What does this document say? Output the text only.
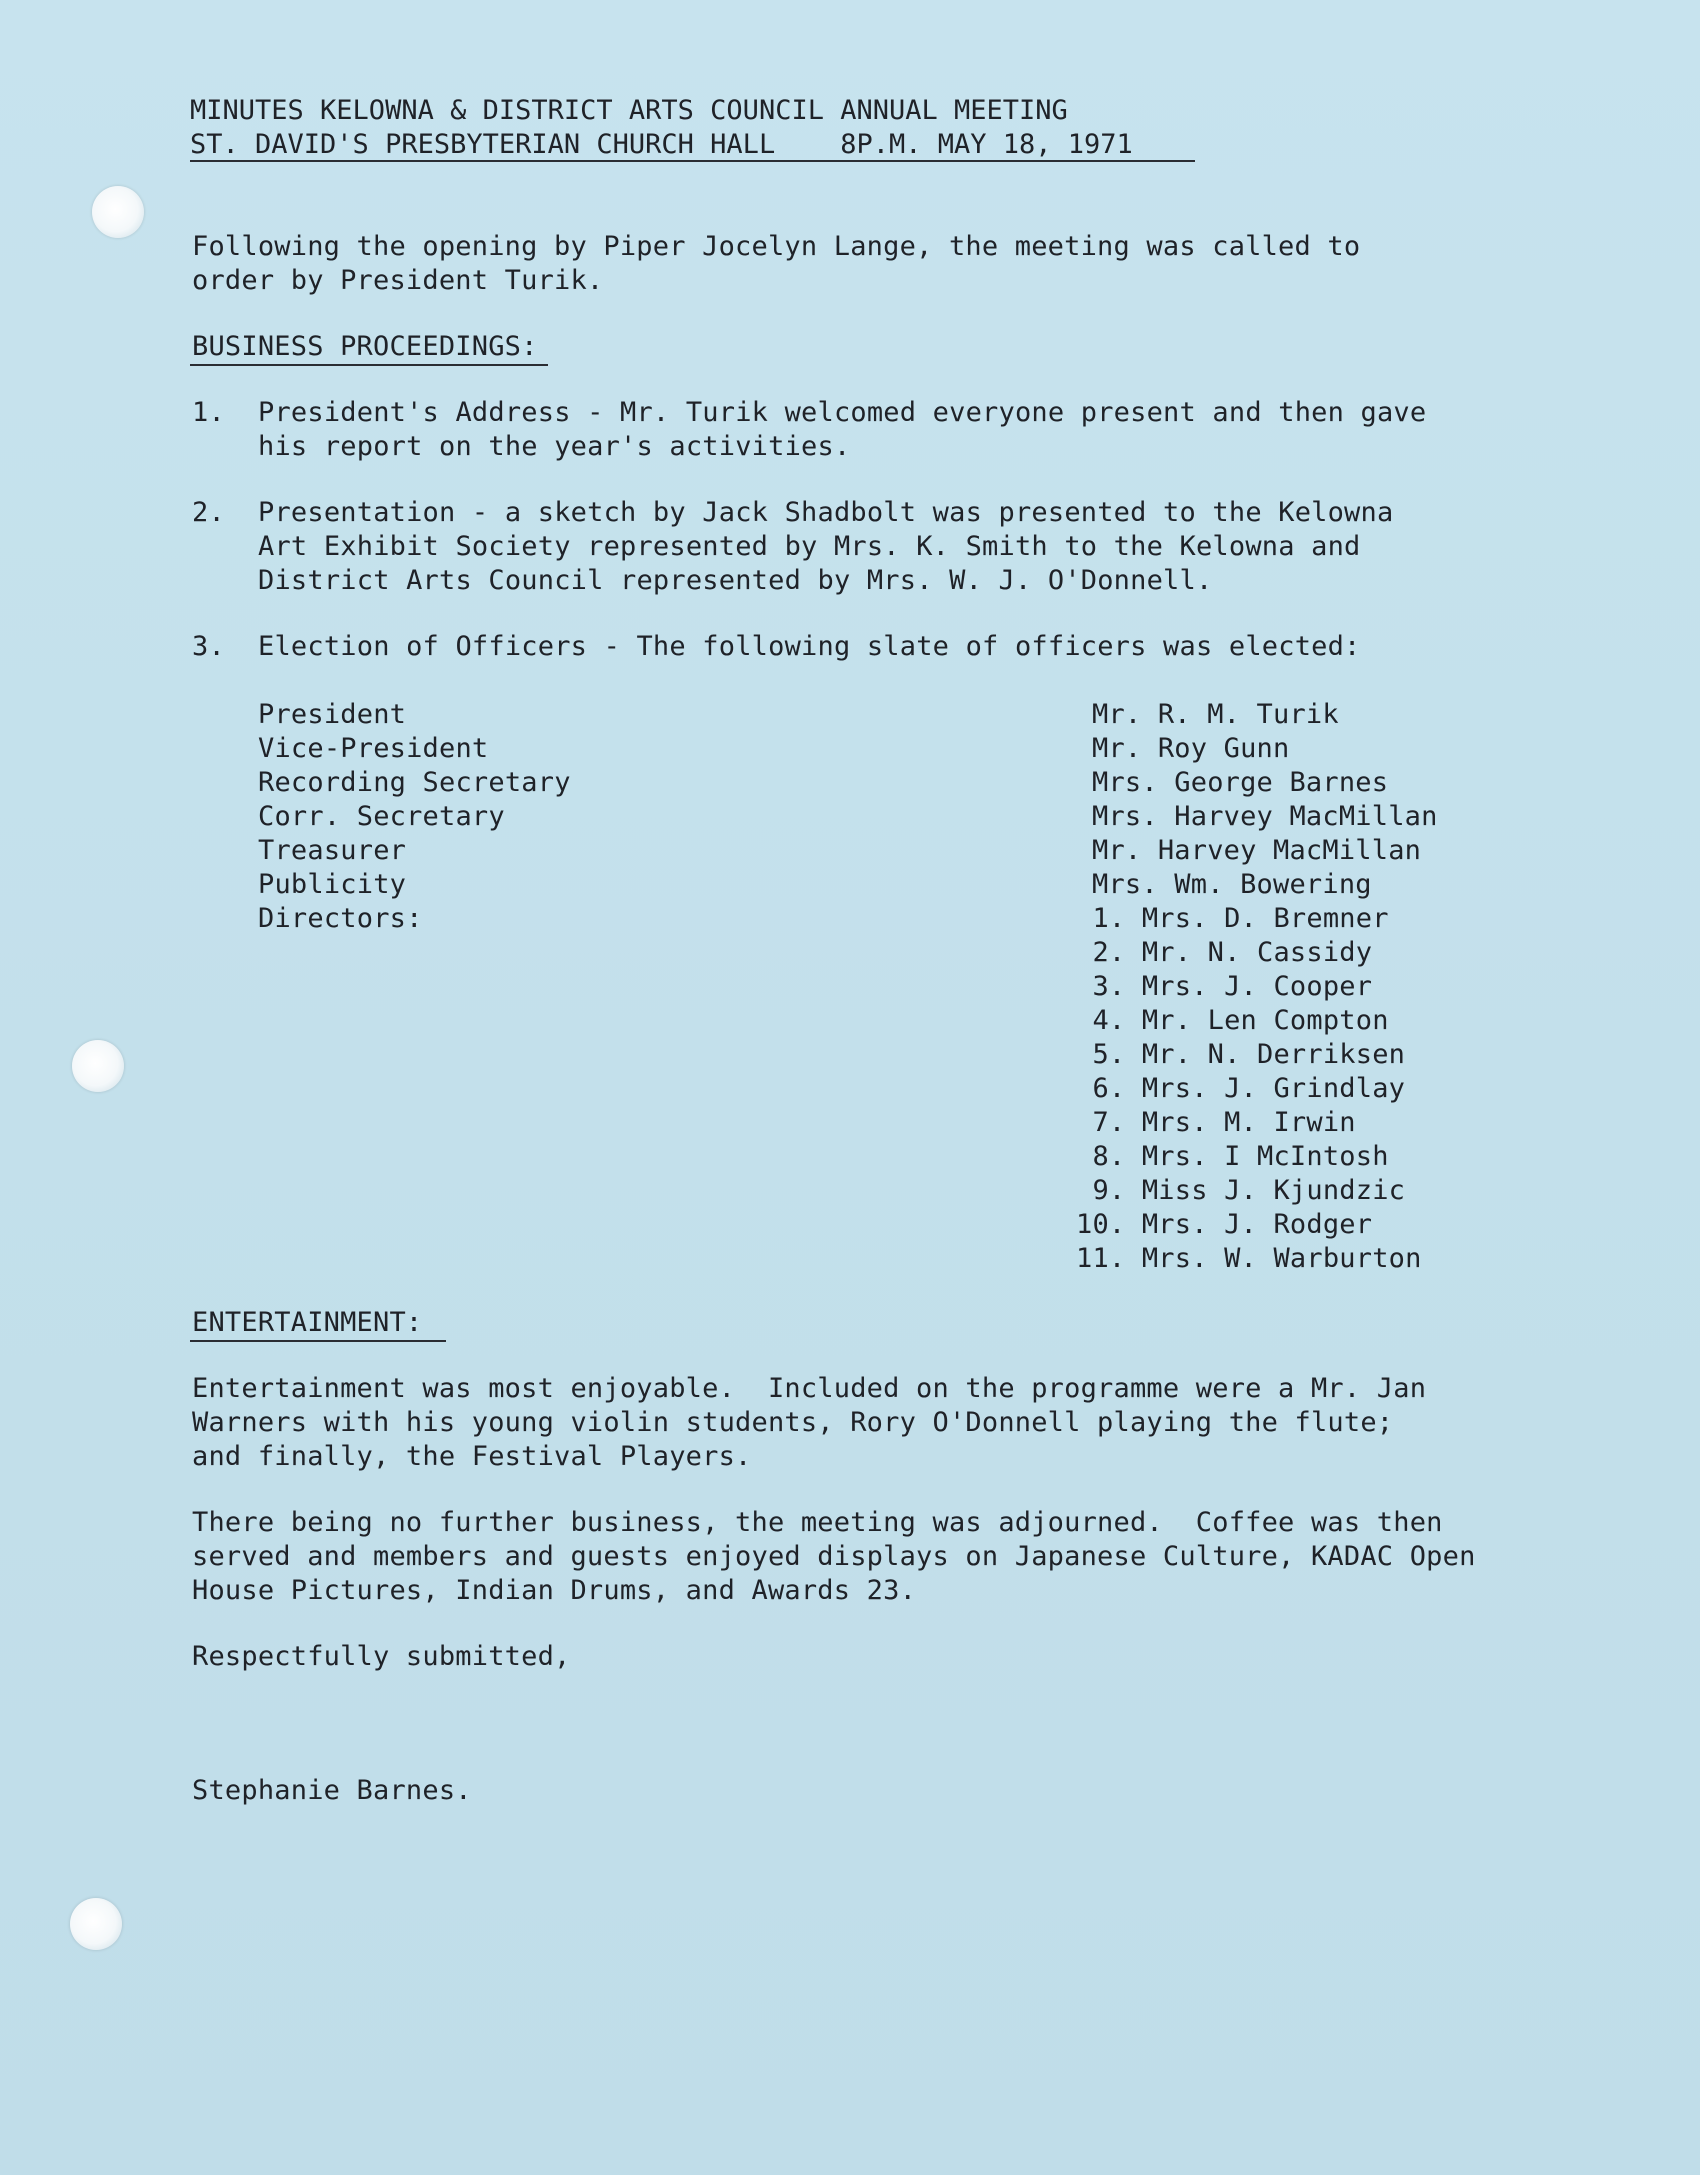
MINUTES KELOWNA & DISTRICT ARTS COUNCIL ANNUAL MEETING
ST. DAVID'S PRESBYTERIAN CHURCH HALL    8P.M. MAY 18, 1971
Following the opening by Piper Jocelyn Lange, the meeting was called to
order by President Turik.
BUSINESS PROCEEDINGS:
1. President's Address - Mr. Turik welcomed everyone present and then gave
his report on the year's activities.
2. Presentation - a sketch by Jack Shadbolt was presented to the Kelowna
Art Exhibit Society represented by Mrs. K. Smith to the Kelowna and
District Arts Council represented by Mrs. W. J. O'Donnell.
3. Election of Officers - The following slate of officers was elected:
President
Vice-President
Recording Secretary
Corr. Secretary
Treasurer
Publicity
Directors:
Mr. R. M. Turik
Mr. Roy Gunn
Mrs. George Barnes
Mrs. Harvey MacMillan
Mr. Harvey MacMillan
Mrs. Wm. Bowering
1. Mrs. D. Bremner
2. Mr. N. Cassidy
3. Mrs. J. Cooper
4. Mr. Len Compton
5. Mr. N. Derriksen
6. Mrs. J. Grindlay
7. Mrs. M. Irwin
8. Mrs. I McIntosh
9. Miss J. Kjundzic
10. Mrs. J. Rodger
11. Mrs. W. Warburton
ENTERTAINMENT:
Entertainment was most enjoyable.  Included on the programme were a Mr. Jan
Warners with his young violin students, Rory O'Donnell playing the flute;
and finally, the Festival Players.
There being no further business, the meeting was adjourned.  Coffee was then
served and members and guests enjoyed displays on Japanese Culture, KADAC Open
House Pictures, Indian Drums, and Awards 23.
Respectfully submitted,
Stephanie Barnes.
